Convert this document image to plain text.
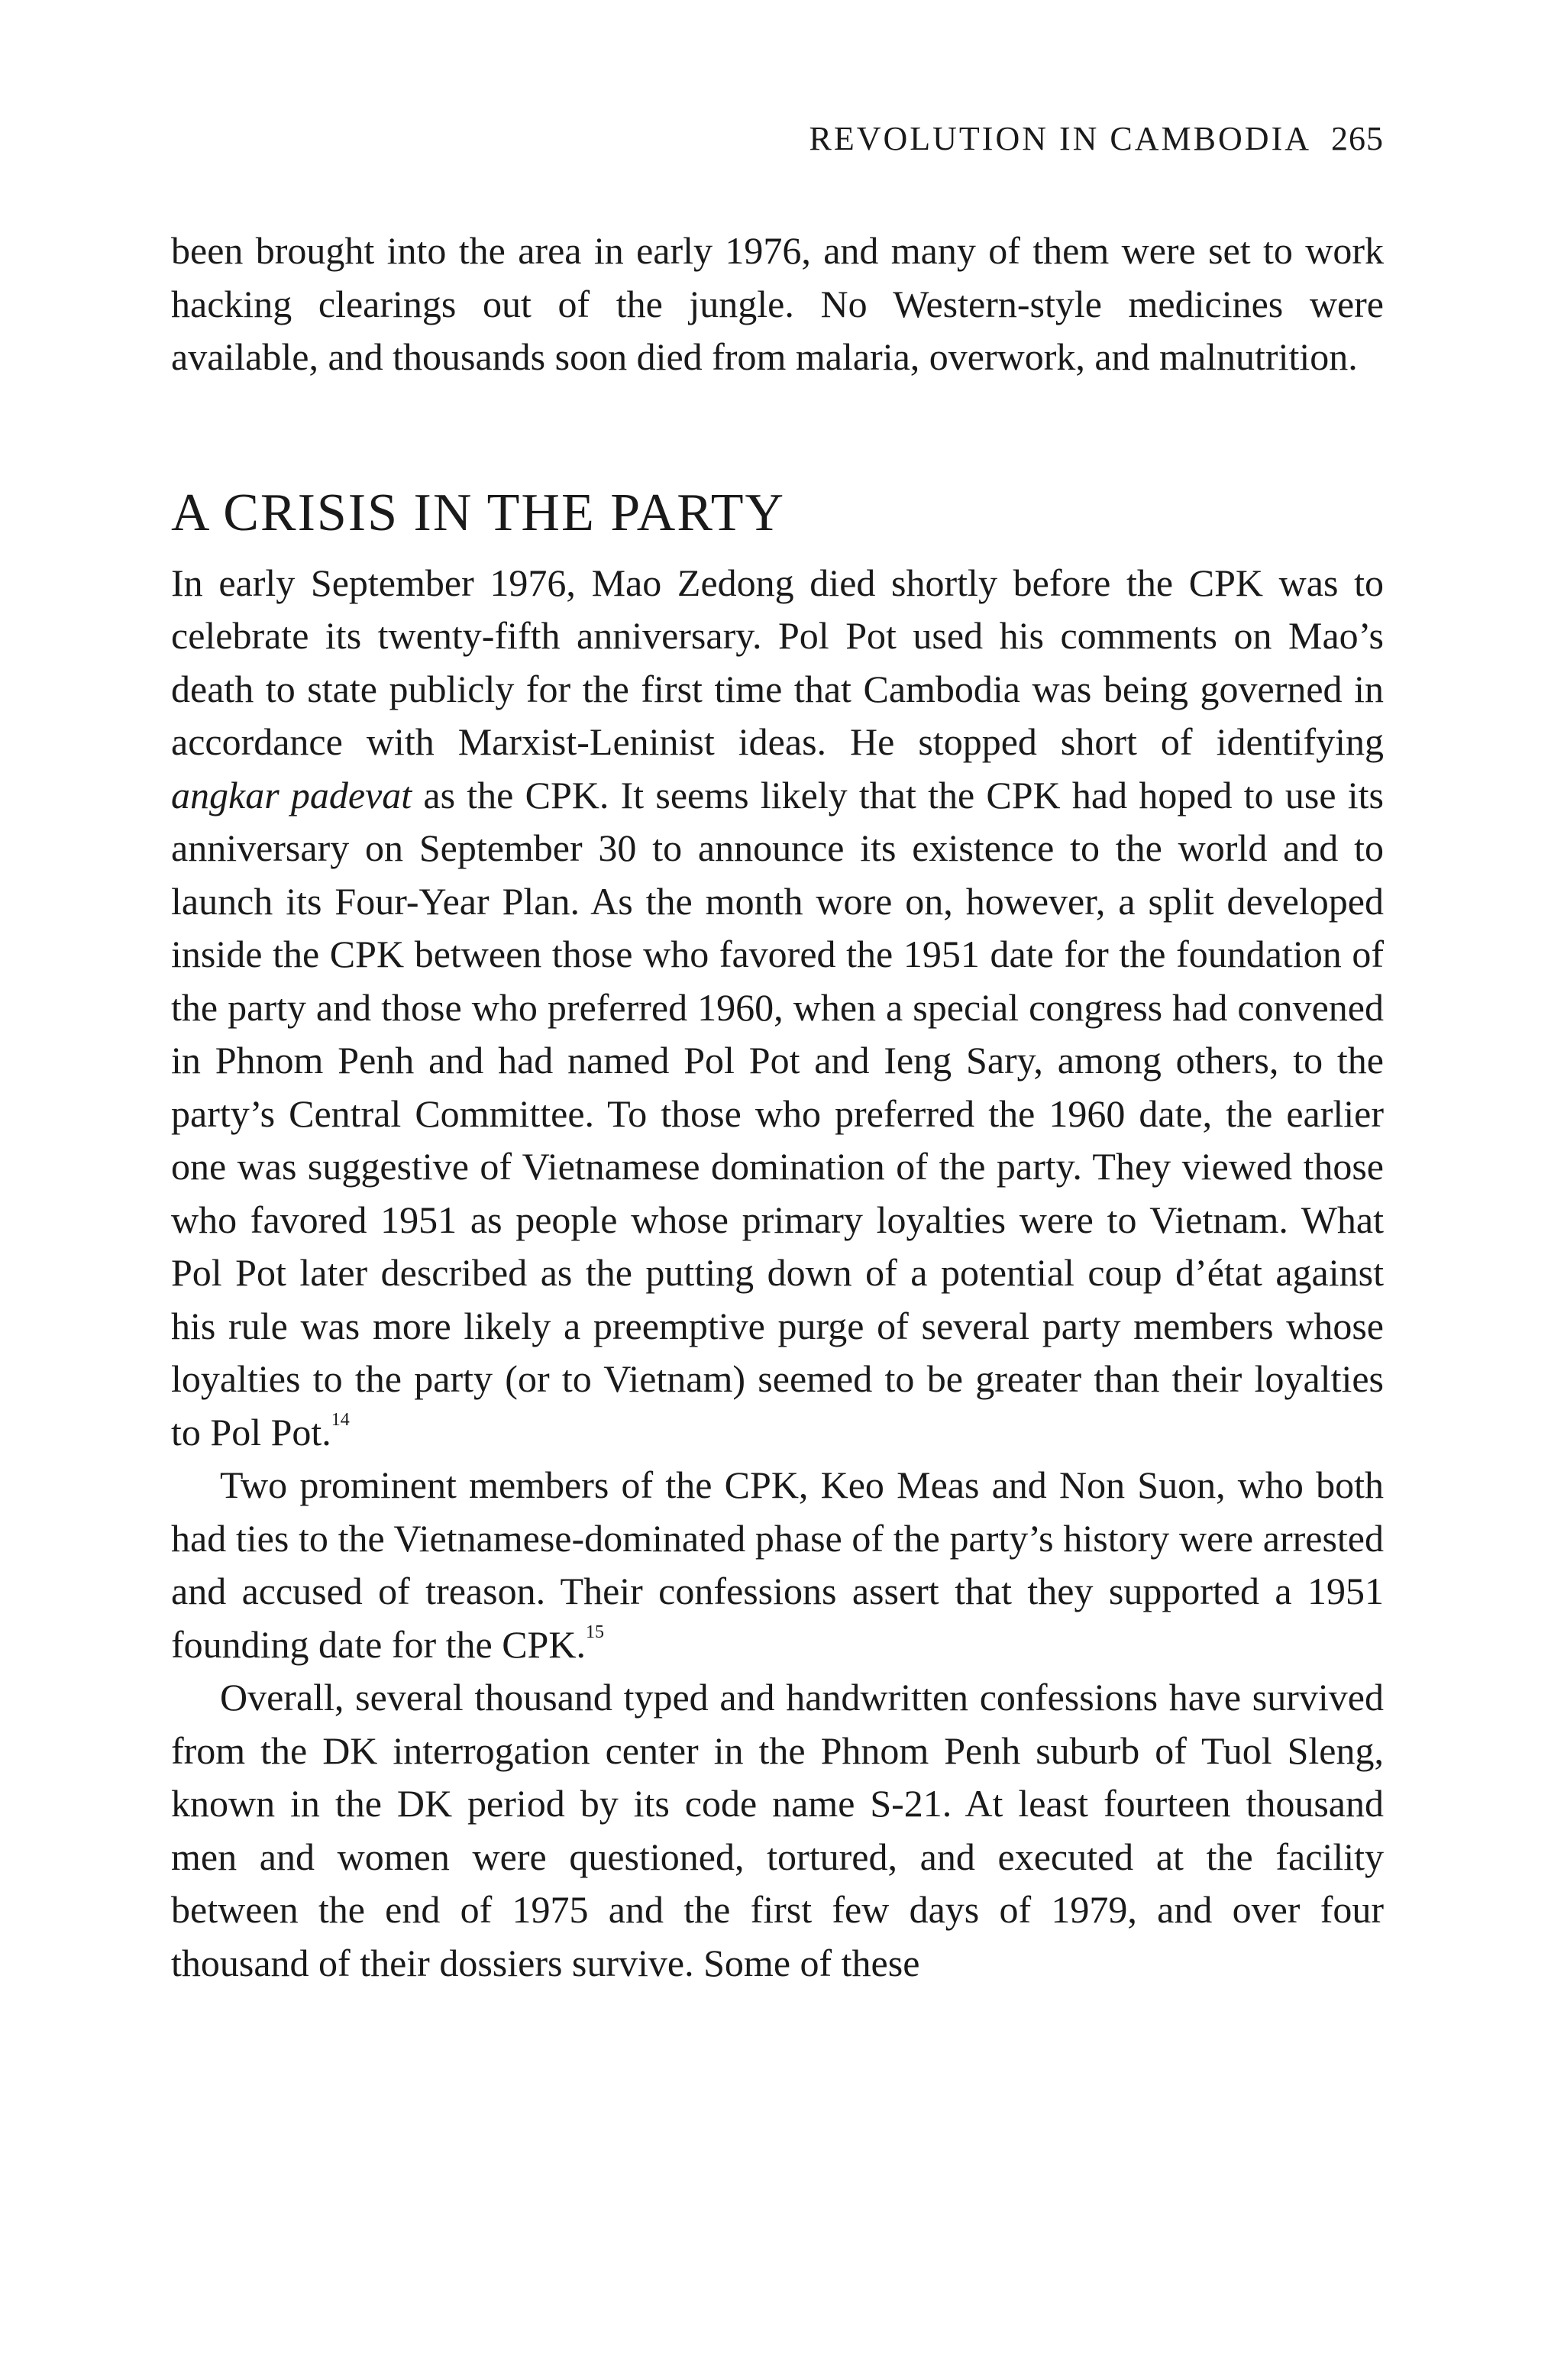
REVOLUTION IN CAMBODIA 265

been brought into the area in early 1976, and many of them were set to work hacking clearings out of the jungle. No Western-style medicines were available, and thousands soon died from malaria, overwork, and malnutrition.

A CRISIS IN THE PARTY

In early September 1976, Mao Zedong died shortly before the CPK was to celebrate its twenty-fifth anniversary. Pol Pot used his comments on Mao’s death to state publicly for the first time that Cambodia was being governed in accordance with Marxist-Leninist ideas. He stopped short of identifying angkar padevat as the CPK. It seems likely that the CPK had hoped to use its anniversary on September 30 to announce its existence to the world and to launch its Four-Year Plan. As the month wore on, however, a split developed inside the CPK between those who favored the 1951 date for the foundation of the party and those who preferred 1960, when a special congress had convened in Phnom Penh and had named Pol Pot and Ieng Sary, among others, to the party’s Central Committee. To those who preferred the 1960 date, the earlier one was suggestive of Vietnamese domination of the party. They viewed those who favored 1951 as people whose primary loyalties were to Vietnam. What Pol Pot later described as the putting down of a potential coup d’état against his rule was more likely a preemptive purge of several party members whose loyalties to the party (or to Vietnam) seemed to be greater than their loyalties to Pol Pot.$^{14}$

Two prominent members of the CPK, Keo Meas and Non Suon, who both had ties to the Vietnamese-dominated phase of the party’s history were arrested and accused of treason. Their confessions assert that they supported a 1951 founding date for the CPK.$^{15}$

Overall, several thousand typed and handwritten confessions have survived from the DK interrogation center in the Phnom Penh suburb of Tuol Sleng, known in the DK period by its code name S-21. At least fourteen thousand men and women were questioned, tortured, and executed at the facility between the end of 1975 and the first few days of 1979, and over four thousand of their dossiers survive. Some of these
